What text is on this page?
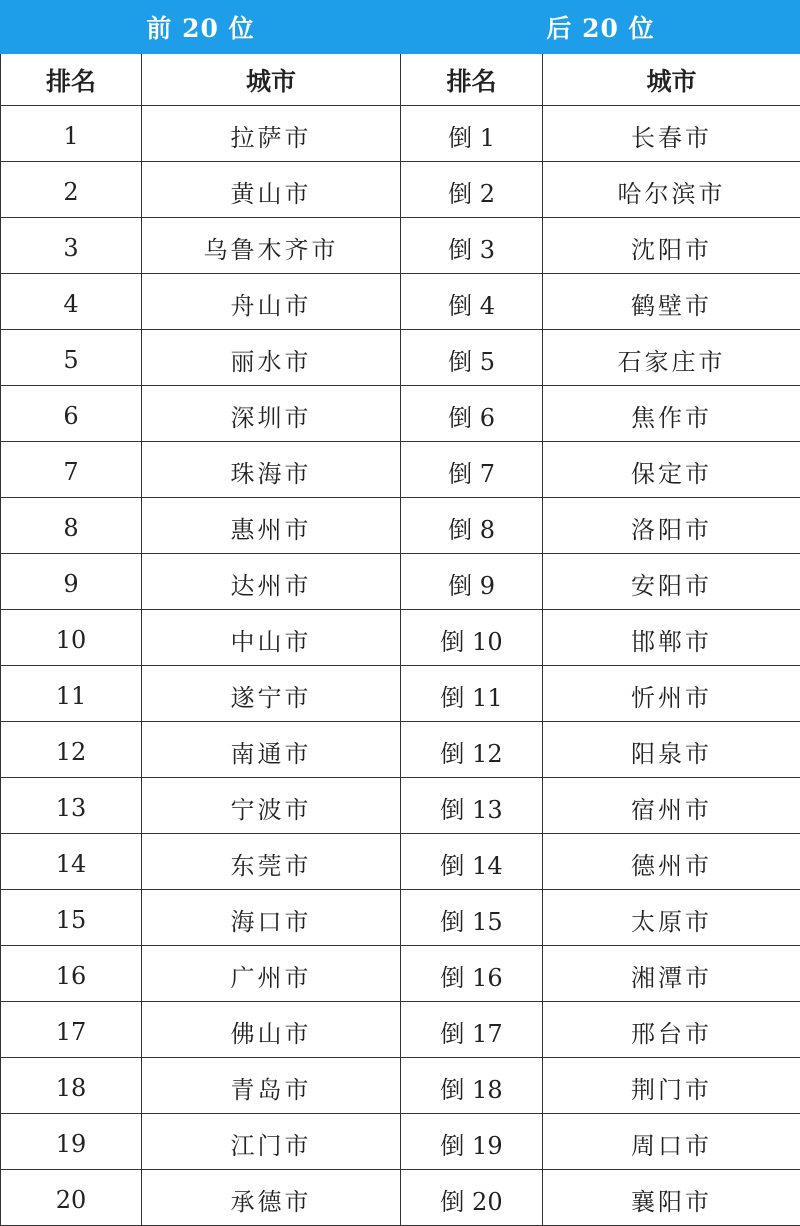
前 20 位		后 20 位	
排名	城市	排名	城市
1	拉萨市	倒 1	长春市
2	黄山市	倒 2	哈尔滨市
3	乌鲁木齐市	倒 3	沈阳市
4	舟山市	倒 4	鹤壁市
5	丽水市	倒 5	石家庄市
6	深圳市	倒 6	焦作市
7	珠海市	倒 7	保定市
8	惠州市	倒 8	洛阳市
9	达州市	倒 9	安阳市
10	中山市	倒 10	邯郸市
11	遂宁市	倒 11	忻州市
12	南通市	倒 12	阳泉市
13	宁波市	倒 13	宿州市
14	东莞市	倒 14	德州市
15	海口市	倒 15	太原市
16	广州市	倒 16	湘潭市
17	佛山市	倒 17	邢台市
18	青岛市	倒 18	荆门市
19	江门市	倒 19	周口市
20	承德市	倒 20	襄阳市
